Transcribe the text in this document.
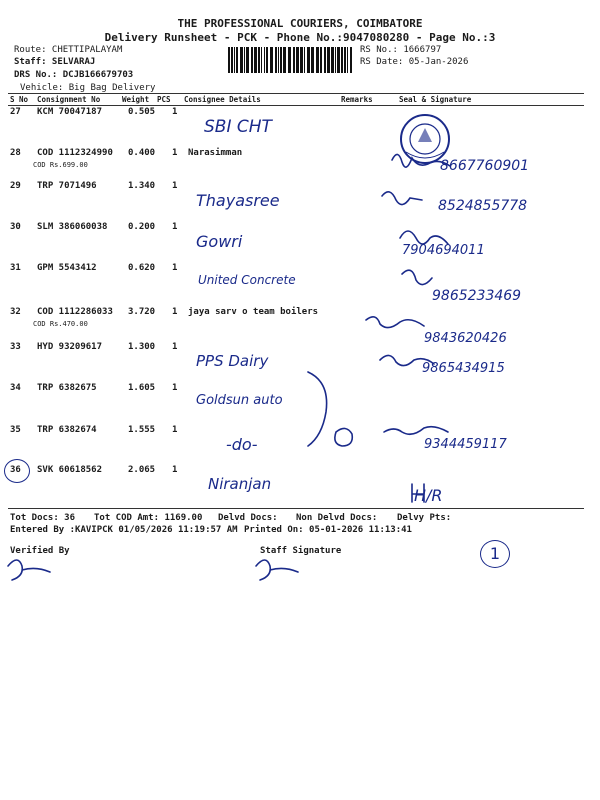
THE PROFESSIONAL COURIERS, COIMBATORE
Delivery Runsheet - PCK - Phone No.:9047080280 - Page No.:3
Route: CHETTIPALAYAM
Staff: SELVARAJ
DRS No.: DCJB166679703
Vehicle: Big Bag Delivery
RS No.: 1666797
RS Date: 05-Jan-2026
S No Consignment No	Weight PCS Consignee Details	Remarks	Seal & Signature
27 KCM 70047187	0.505 1
SBI CHT
28 COD 1112324990 0.400 1 Narasimman
COD Rs.699.00	8667760901
29 TRP 7071496	1.340 1
Thayasree	8524855778
30 SLM 386060038 0.200 1
Gowri	7904694011
31 GPM 5543412	0.620 1
United Concrete
9865233469
32 COD 1112286033 3.720 1 jaya sarv o team boilers
COD Rs.470.00
9843620426
33 HYD 93209617	1.300 1
PPS Dairy	9865434915
34 TRP 6382675	1.605 1
Goldsun auto
35 TRP 6382674	1.555 1
-do-	9344459117
36 SVK 60618562	2.065 1
Niranjan
H/R
Tot Docs: 36 Tot COD Amt: 1169.00 Delvd Docs: Non Delvd Docs: Delvy Pts:
Entered By :KAVIPCK 01/05/2026 11:19:57 AM Printed On: 05-01-2026 11:13:41
Verified By	Staff Signature	1
